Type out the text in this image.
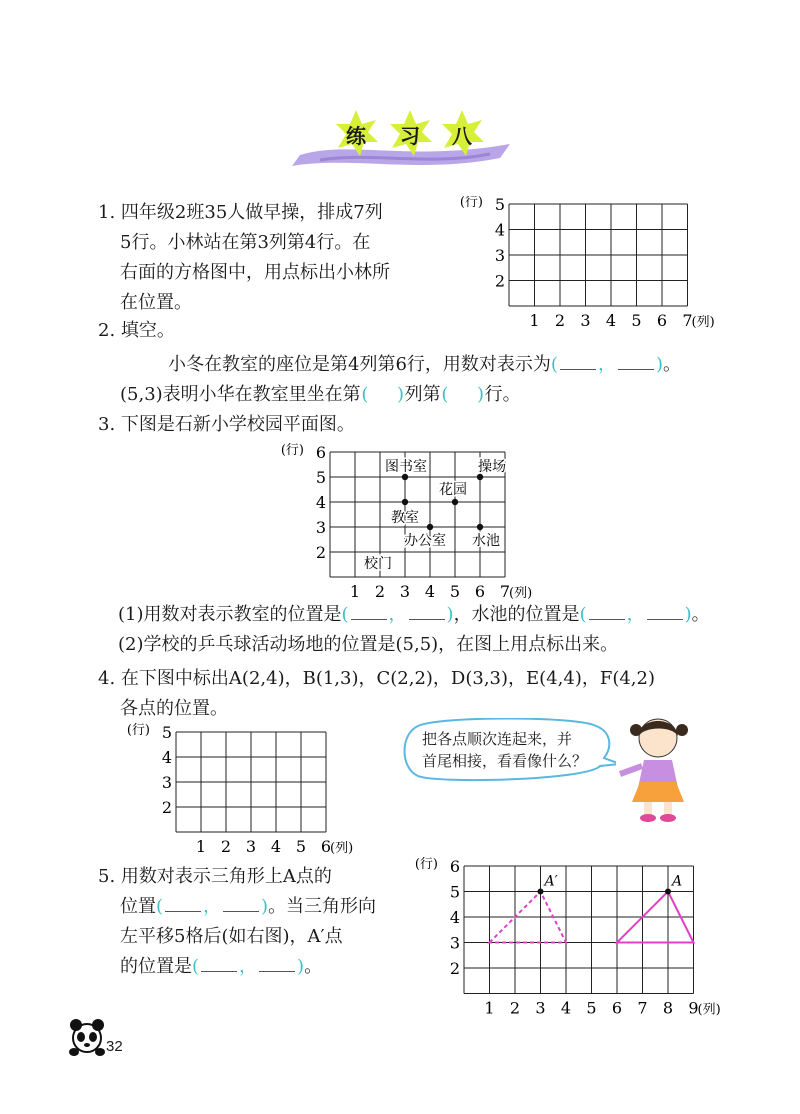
练 习 八
1. 四年级2班35人做早操，排成7列
5行。小林站在第3列第4行。在
右面的方格图中，用点标出小林所
在位置。
5
4
3
2
1 2 3 4 5 6 7
(行)
(列)
2. 填空。
小冬在教室的座位是第4列第6行，用数对表示为( ， )。
(5,3)表明小华在教室里坐在第(     )列第(     )行。
3. 下图是石新小学校园平面图。
6
5
4
3
2
1 2 3 4 5 6 7
(行)
(列)
图书室	操场
花园
教室
办公室 水池
校门
(1)用数对表示教室的位置是( ， )，水池的位置是( ， )。
(2)学校的乒乓球活动场地的位置是(5,5)，在图上用点标出来。
4. 在下图中标出A(2,4)，B(1,3)，C(2,2)，D(3,3)，E(4,4)，F(4,2)
各点的位置。
5
4
3
2
1 2 3 4 5 6
(行)
(列)
把各点顺次连起来，并
首尾相接，看看像什么？
5. 用数对表示三角形上A点的
位置( ， )。当三角形向
左平移5格后(如右图)，A′点
的位置是( ， )。
6
5
4
3
2
1 2 3 4 5 6 7 8 9
(行)
(列)
A
A′
32
